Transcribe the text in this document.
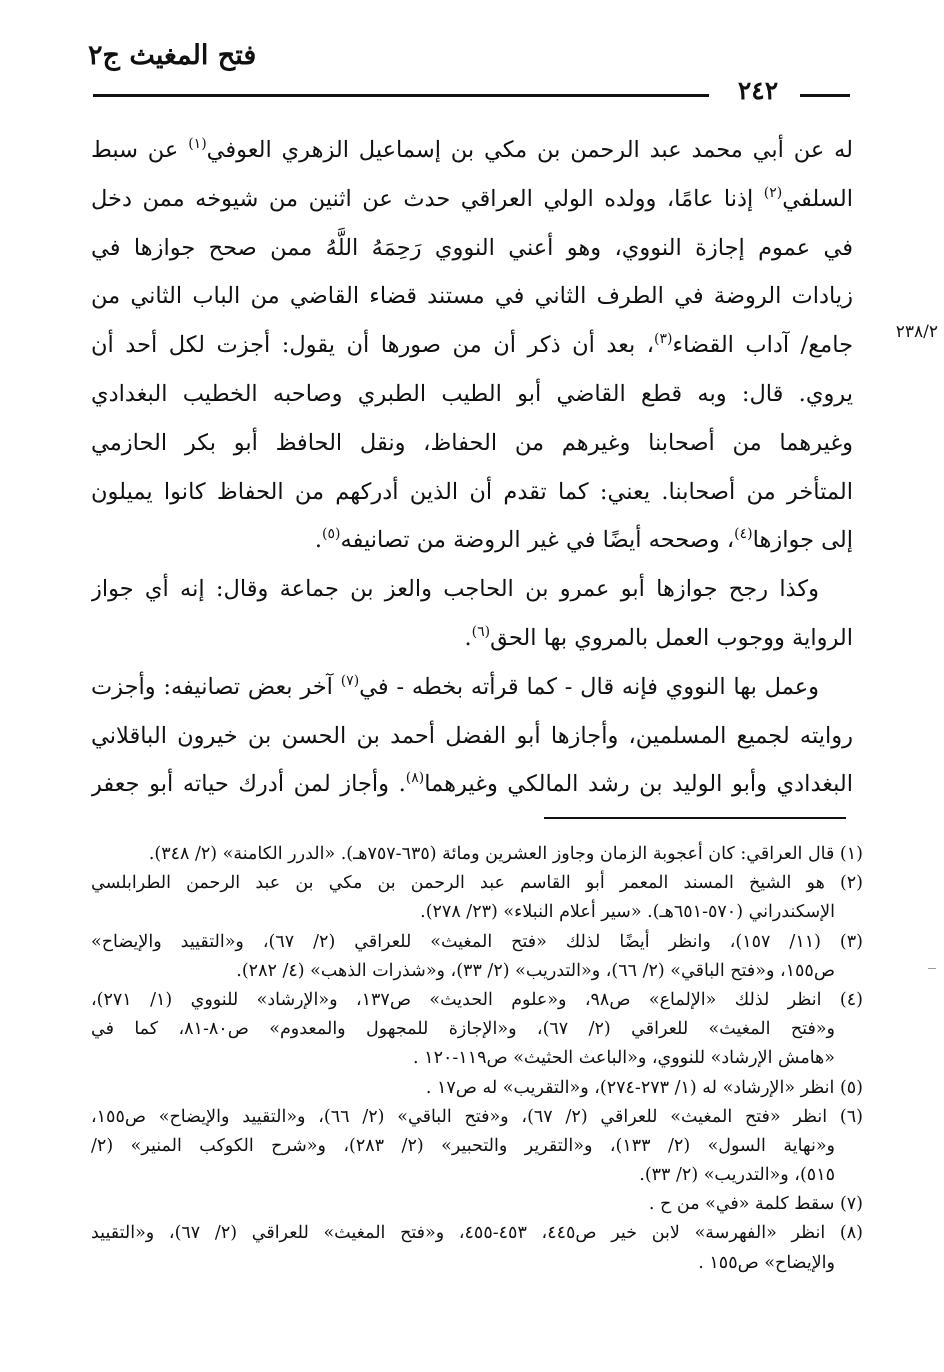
فتح المغيث ج٢
٢٤٢
٢٣٨/٢
له عن أبي محمد عبد الرحمن بن مكي بن إسماعيل الزهري العوفي$^{(١)}$ عن سبط
السلفي$^{(٢)}$ إذنا عامًا، وولده الولي العراقي حدث عن اثنين من شيوخه ممن دخل
في عموم إجازة النووي، وهو أعني النووي رَحِمَهُ اللَّهُ ممن صحح جوازها في
زيادات الروضة في الطرف الثاني في مستند قضاء القاضي من الباب الثاني من
جامع/ آداب القضاء$^{(٣)}$، بعد أن ذكر أن من صورها أن يقول: أجزت لكل أحد أن
يروي. قال: وبه قطع القاضي أبو الطيب الطبري وصاحبه الخطيب البغدادي
وغيرهما من أصحابنا وغيرهم من الحفاظ، ونقل الحافظ أبو بكر الحازمي
المتأخر من أصحابنا. يعني: كما تقدم أن الذين أدركهم من الحفاظ كانوا يميلون
إلى جوازها$^{(٤)}$، وصححه أيضًا في غير الروضة من تصانيفه$^{(٥)}$.
وكذا رجح جوازها أبو عمرو بن الحاجب والعز بن جماعة وقال: إنه أي جواز
الرواية ووجوب العمل بالمروي بها الحق$^{(٦)}$.
وعمل بها النووي فإنه قال - كما قرأته بخطه - في$^{(٧)}$ آخر بعض تصانيفه: وأجزت
روايته لجميع المسلمين، وأجازها أبو الفضل أحمد بن الحسن بن خيرون الباقلاني
البغدادي وأبو الوليد بن رشد المالكي وغيرهما$^{(٨)}$. وأجاز لمن أدرك حياته أبو جعفر
(١) قال العراقي: كان أعجوبة الزمان وجاوز العشرين ومائة (٦٣٥-٧٥٧هـ). «الدرر الكامنة» (٢/ ٣٤٨).
(٢) هو الشيخ المسند المعمر أبو القاسم عبد الرحمن بن مكي بن عبد الرحمن الطرابلسي
الإسكندراني (٥٧٠-٦٥١هـ). «سير أعلام النبلاء» (٢٣/ ٢٧٨).
(٣) (١١/ ١٥٧)، وانظر أيضًا لذلك «فتح المغيث» للعراقي (٢/ ٦٧)، و«التقييد والإيضاح»
ص١٥٥، و«فتح الباقي» (٢/ ٦٦)، و«التدريب» (٢/ ٣٣)، و«شذرات الذهب» (٤/ ٢٨٢).
(٤) انظر لذلك «الإلماع» ص٩٨، و«علوم الحديث» ص١٣٧، و«الإرشاد» للنووي (١/ ٢٧١)،
و«فتح المغيث» للعراقي (٢/ ٦٧)، و«الإجازة للمجهول والمعدوم» ص٨٠-٨١، كما في
«هامش الإرشاد» للنووي، و«الباعث الحثيث» ص١١٩-١٢٠ .
(٥) انظر «الإرشاد» له (١/ ٢٧٣-٢٧٤)، و«التقريب» له ص١٧ .
(٦) انظر «فتح المغيث» للعراقي (٢/ ٦٧)، و«فتح الباقي» (٢/ ٦٦)، و«التقييد والإيضاح» ص١٥٥،
و«نهاية السول» (٢/ ١٣٣)، و«التقرير والتحبير» (٢/ ٢٨٣)، و«شرح الكوكب المنير» (٢/
٥١٥)، و«التدريب» (٢/ ٣٣).
(٧) سقط كلمة «في» من ح .
(٨) انظر «الفهرسة» لابن خير ص٤٤٥، ٤٥٣-٤٥٥، و«فتح المغيث» للعراقي (٢/ ٦٧)، و«التقييد
والإيضاح» ص١٥٥ .
